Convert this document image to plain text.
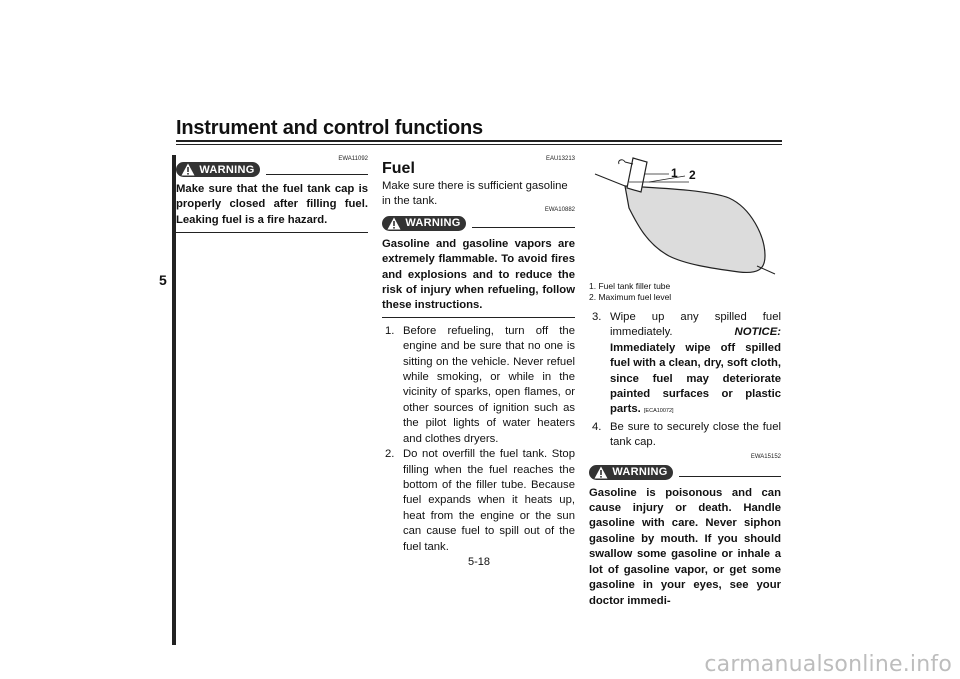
Instrument and control functions
5
EWA11092
WARNING
Make sure that the fuel tank cap is properly closed after filling fuel. Leaking fuel is a fire hazard.
EAU13213
Fuel
Make sure there is sufficient gasoline in the tank.
WARNING
EWA10882
Gasoline and gasoline vapors are extremely flammable. To avoid fires and explosions and to reduce the risk of injury when refueling, follow these instructions.
1. Before refueling, turn off the engine and be sure that no one is sitting on the vehicle. Never refuel while smoking, or while in the vicinity of sparks, open flames, or other sources of ignition such as the pilot lights of water heaters and clothes dryers.
2. Do not overfill the fuel tank. Stop filling when the fuel reaches the bottom of the filler tube. Because fuel expands when it heats up, heat from the engine or the sun can cause fuel to spill out of the fuel tank.
1 2
1. Fuel tank filler tube
2. Maximum fuel level
3. Wipe up any spilled fuel immediately.	NOTICE: Immediately wipe off spilled fuel with a clean, dry, soft cloth, since fuel may deteriorate painted surfaces or plastic parts. [ECA10072]
4. Be sure to securely close the fuel tank cap.
WARNING
EWA15152
Gasoline is poisonous and can cause injury or death. Handle gasoline with care. Never siphon gasoline by mouth. If you should swallow some gasoline or inhale a lot of gasoline vapor, or get some gasoline in your eyes, see your doctor immedi-
5-18
carmanualsonline.info
